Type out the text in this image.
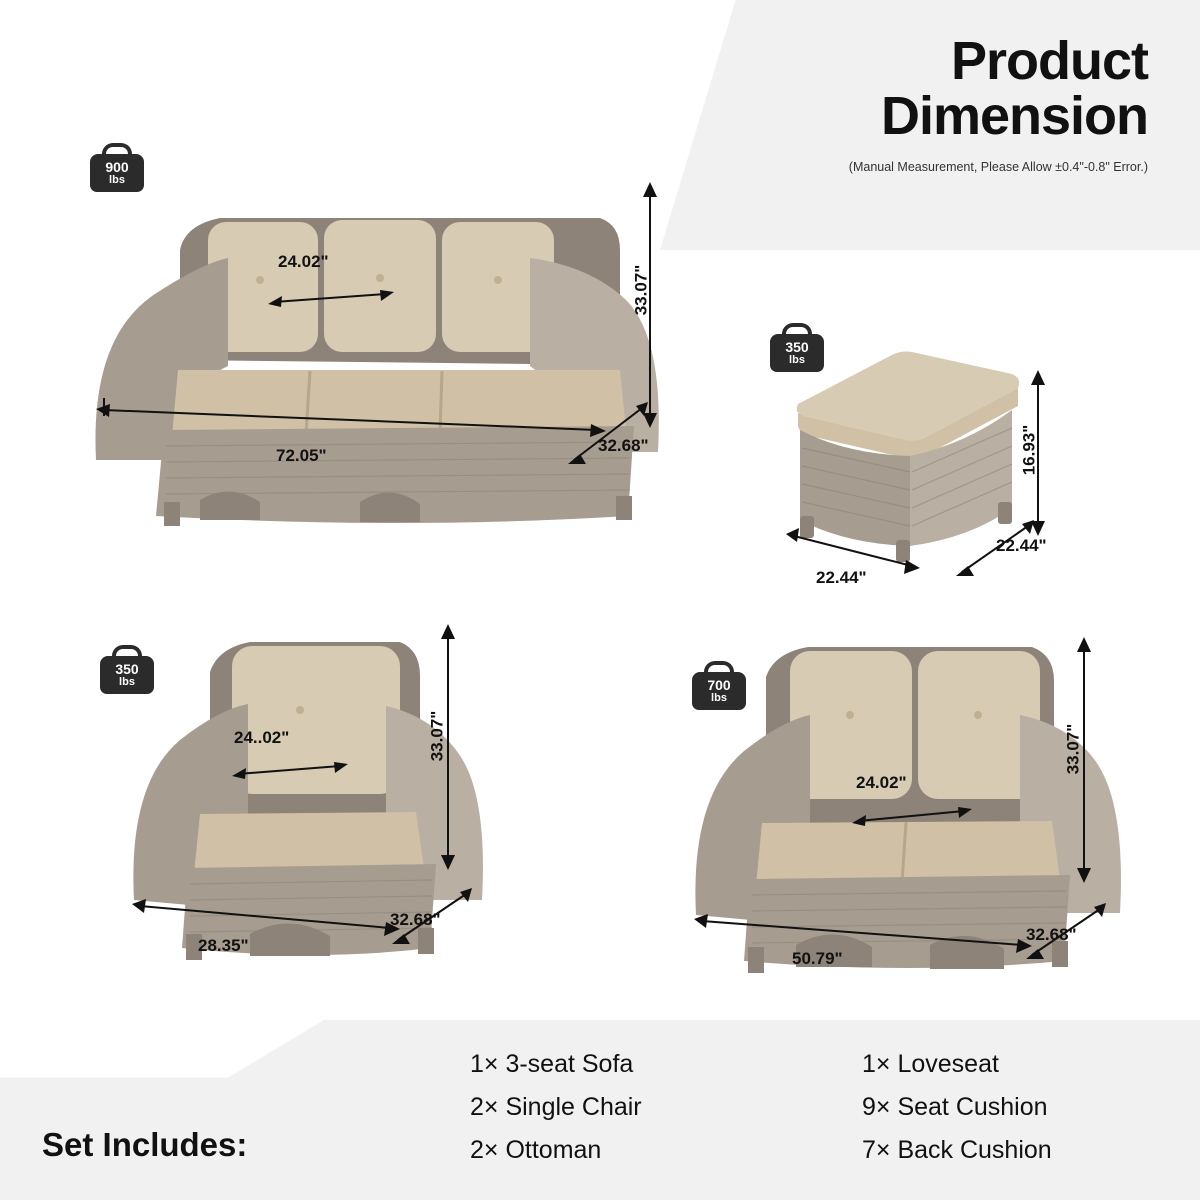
Product
Dimension
(Manual Measurement, Please Allow ±0.4"-0.8" Error.)
24.02"
72.05"
32.68"
33.07"
900
lbs
16.93"
22.44"
22.44"
350
lbs
24..02"
28.35"
32.68"
33.07"
350
lbs
24.02"
50.79"
32.68"
33.07"
700
lbs
Set Includes:
1× 3-seat Sofa
2× Single Chair
2× Ottoman
1× Loveseat
9× Seat Cushion
7× Back Cushion
